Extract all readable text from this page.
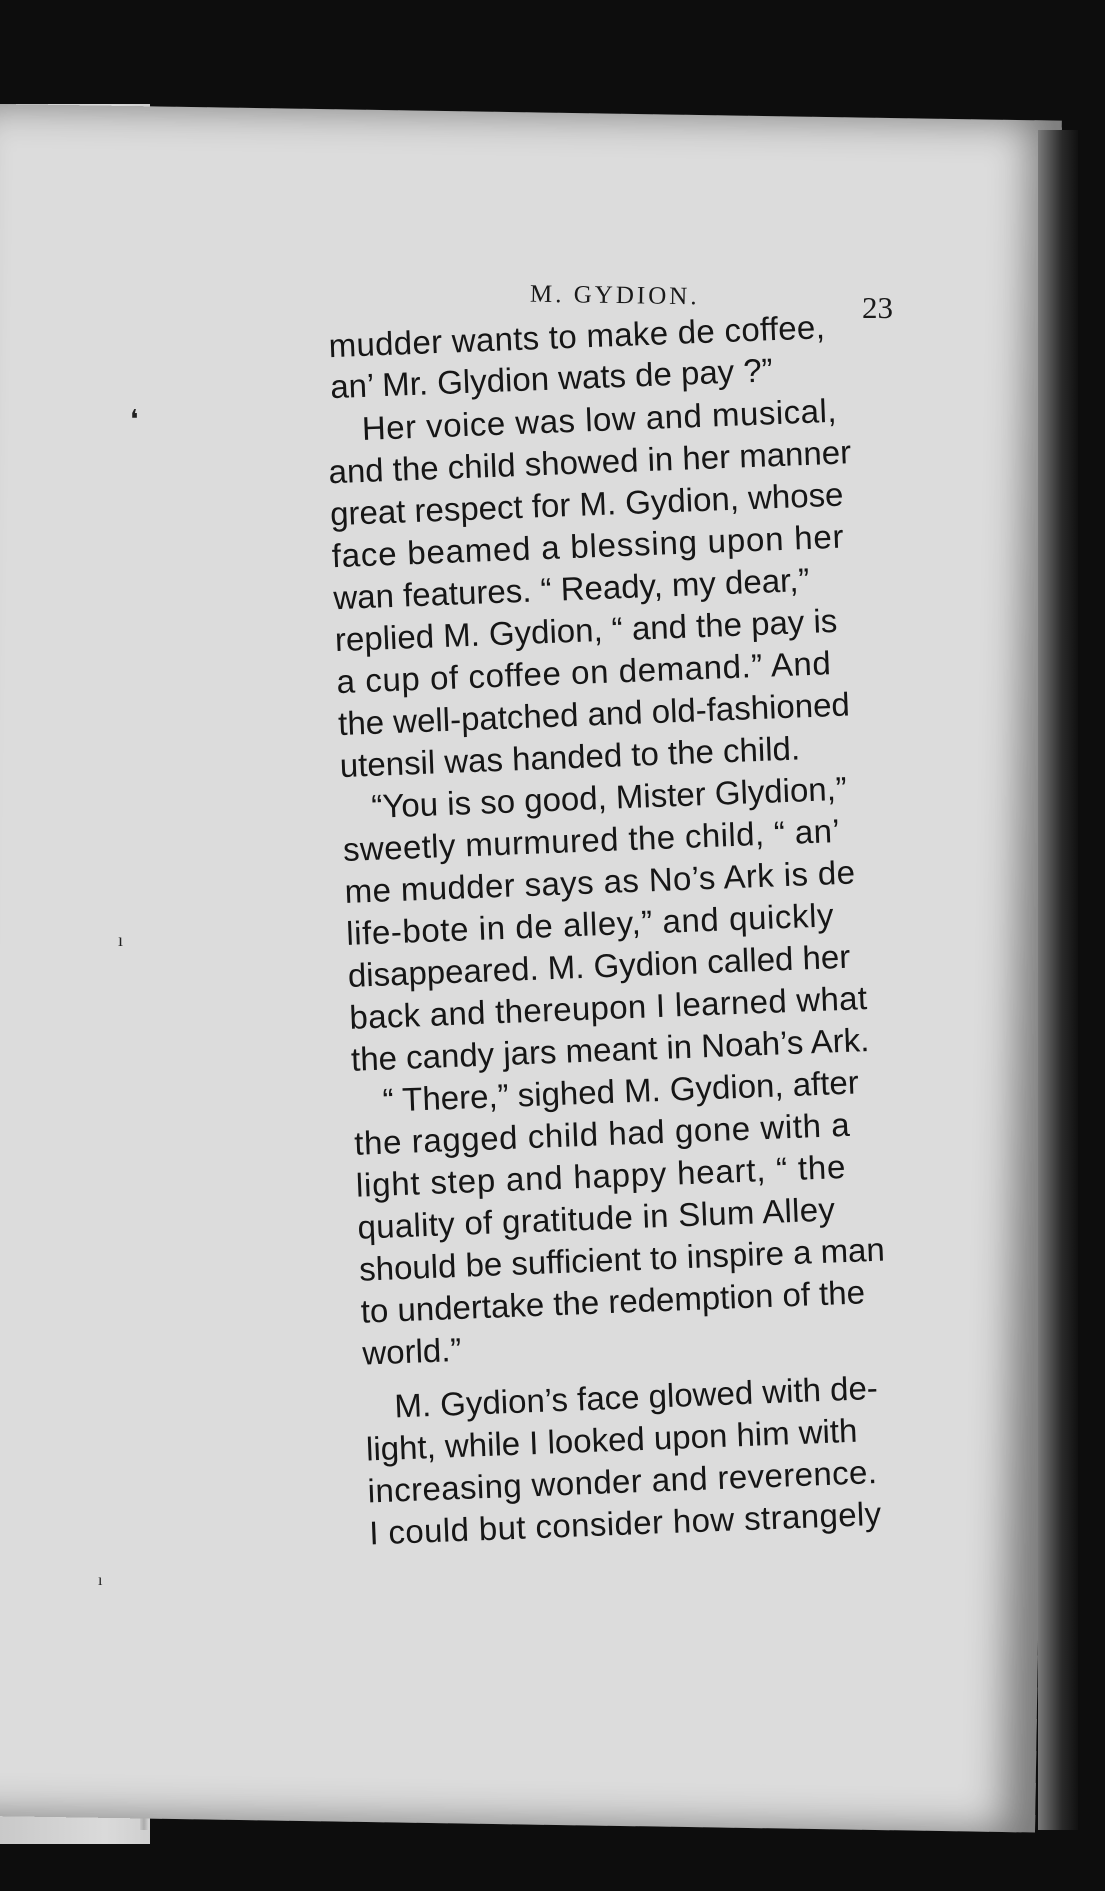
❛
ı
ı
M. GYDION.	23
mudder wants to make de coffee,
an’ Mr. Glydion wats de pay ?”
Her voice was low and musical,
and the child showed in her manner
great respect for M. Gydion, whose
face beamed a blessing upon her
wan features. “ Ready, my dear,”
replied M. Gydion, “ and the pay is
a cup of coffee on demand.” And
the well-patched and old-fashioned
utensil was handed to the child.
“You is so good, Mister Glydion,”
sweetly murmured the child, “ an’
me mudder says as No’s Ark is de
life-bote in de alley,” and quickly
disappeared. M. Gydion called her
back and thereupon I learned what
the candy jars meant in Noah’s Ark.
“ There,” sighed M. Gydion, after
the ragged child had gone with a
light step and happy heart, “ the
quality of gratitude in Slum Alley
should be sufficient to inspire a man
to undertake the redemption of the
world.”
M. Gydion’s face glowed with de-
light, while I looked upon him with
increasing wonder and reverence.
I could but consider how strangely
